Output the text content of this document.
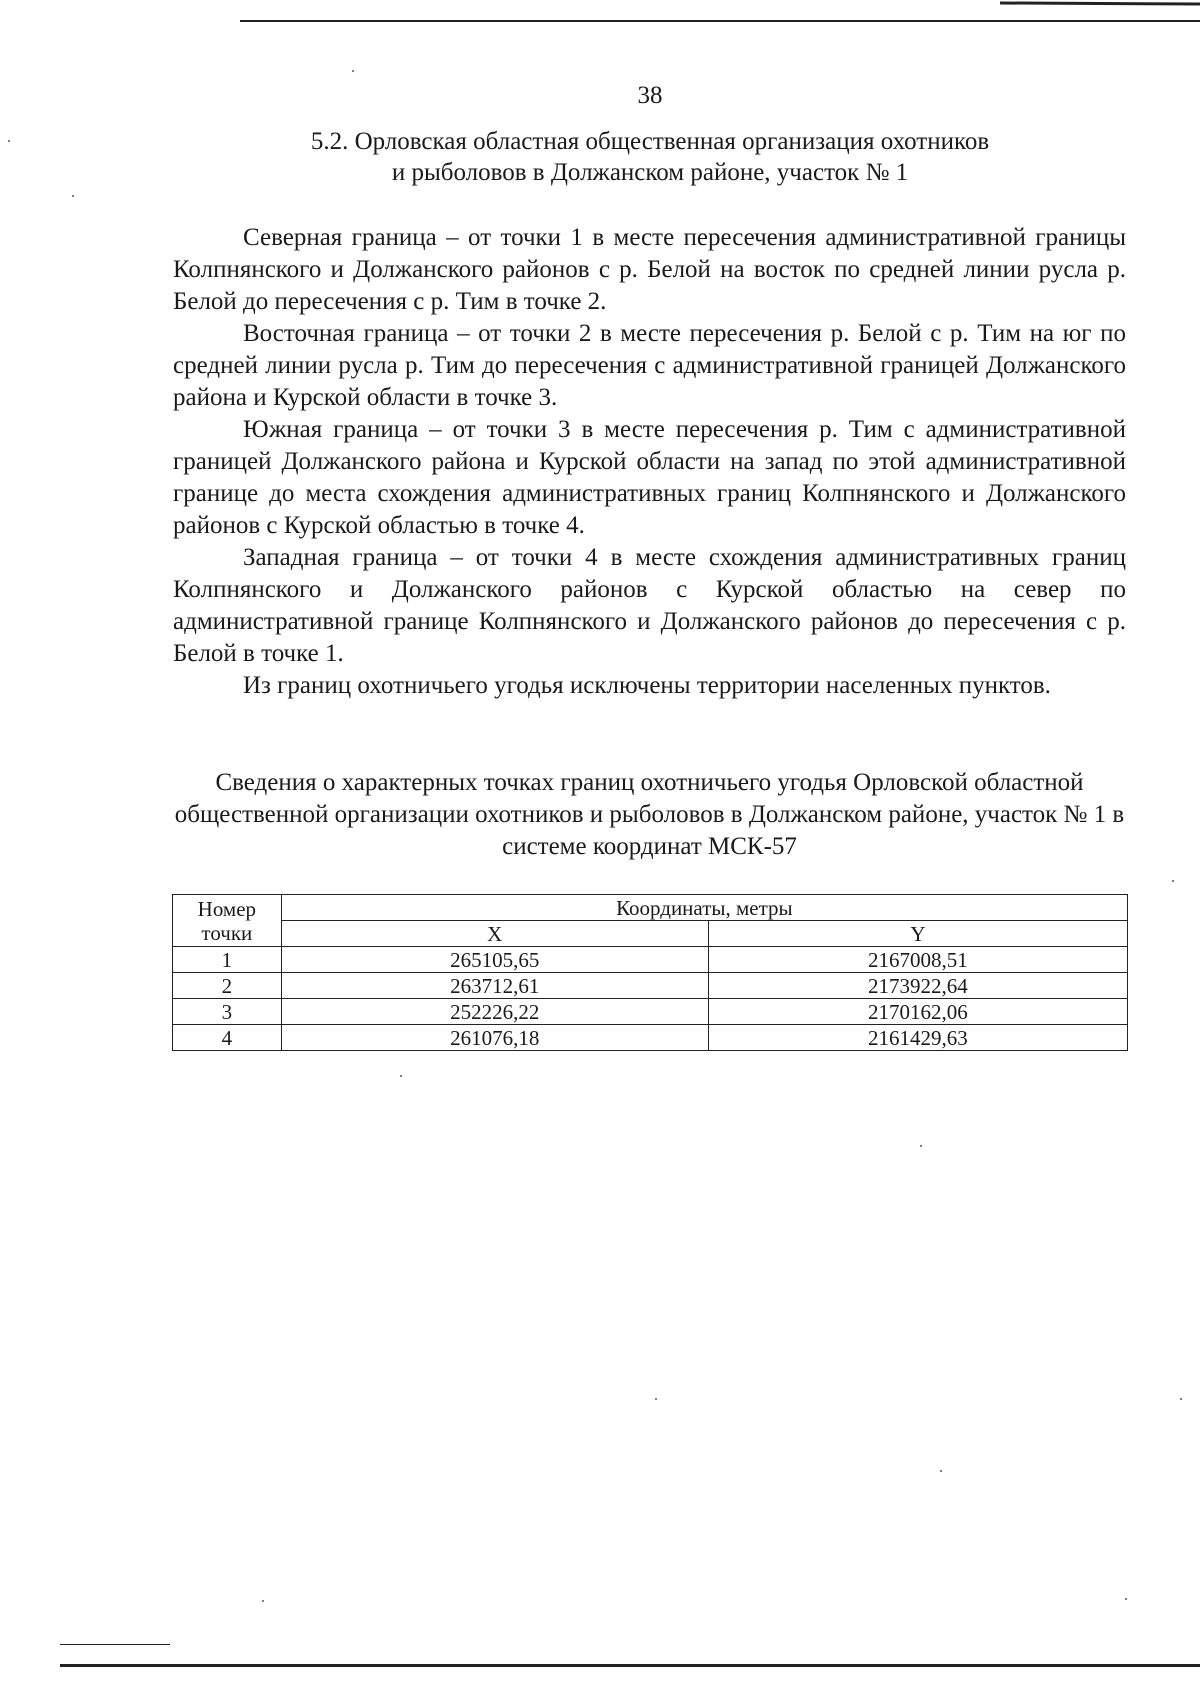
38
5.2. Орловская областная общественная организация охотников
и рыболовов в Должанском районе, участок № 1

Северная граница – от точки 1 в месте пересечения административной границы Колпнянского и Должанского районов с р. Белой на восток по средней линии русла р. Белой до пересечения с р. Тим в точке 2.

Восточная граница – от точки 2 в месте пересечения р. Белой с р. Тим на юг по средней линии русла р. Тим до пересечения с административной границей Должанского района и Курской области в точке 3.

Южная граница – от точки 3 в месте пересечения р. Тим с административной границей Должанского района и Курской области на запад по этой административной границе до места схождения административных границ Колпнянского и Должанского районов с Курской областью в точке 4.

Западная граница – от точки 4 в месте схождения административных границ Колпнянского и Должанского районов с Курской областью на север по административной границе Колпнянского и Должанского районов до пересечения с р. Белой в точке 1.

Из границ охотничьего угодья исключены территории населенных пунктов.

Сведения о характерных точках границ охотничьего угодья Орловской областной общественной организации охотников и рыболовов в Должанском районе, участок № 1 в системе координат МСК-57
Номер
точки	Координаты, метры	
	X	Y
1	265105,65	2167008,51
2	263712,61	2173922,64
3	252226,22	2170162,06
4	261076,18	2161429,63
